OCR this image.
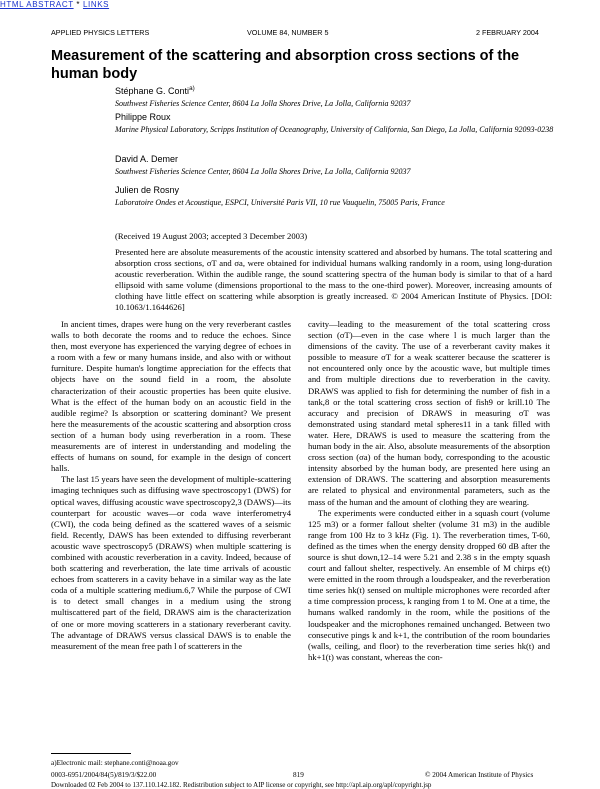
HTML ABSTRACT * LINKS
APPLIED PHYSICS LETTERS	VOLUME 84, NUMBER 5	2 FEBRUARY 2004
Measurement of the scattering and absorption cross sections of the human body
Stéphane G. Conti$^{a)}$
Southwest Fisheries Science Center, 8604 La Jolla Shores Drive, La Jolla, California 92037
Philippe Roux
Marine Physical Laboratory, Scripps Institution of Oceanography, University of California, San Diego, La Jolla, California 92093-0238
David A. Demer
Southwest Fisheries Science Center, 8604 La Jolla Shores Drive, La Jolla, California 92037
Julien de Rosny
Laboratoire Ondes et Acoustique, ESPCI, Université Paris VII, 10 rue Vauquelin, 75005 Paris, France
(Received 19 August 2003; accepted 3 December 2003)
Presented here are absolute measurements of the acoustic intensity scattered and absorbed by humans. The total scattering and absorption cross sections, σT and σa, were obtained for individual humans walking randomly in a room, using long-duration acoustic reverberation. Within the audible range, the sound scattering spectra of the human body is similar to that of a hard ellipsoid with same volume (dimensions proportional to the mass to the one-third power). Moreover, increasing amounts of clothing have little effect on scattering while absorption is greatly increased. © 2004 American Institute of Physics. [DOI: 10.1063/1.1644626]

In ancient times, drapes were hung on the very reverberant castles walls to both decorate the rooms and to reduce the echoes. Since then, most everyone has experienced the varying degree of echoes in a room with a few or many humans inside, and also with or without furniture. Despite human's longtime appreciation for the effects that objects have on the sound field in a room, the absolute characterization of their acoustic properties has been quite elusive. What is the effect of the human body on an acoustic field in the audible regime? Is absorption or scattering dominant? We present here the measurements of the acoustic scattering and absorption cross section of a human body using reverberation in a room. These measurements are of interest in understanding and modeling the effects of humans on sound, for example in the design of concert halls.

The last 15 years have seen the development of multiple-scattering imaging techniques such as diffusing wave spectroscopy1 (DWS) for optical waves, diffusing acoustic wave spectroscopy2,3 (DAWS)—its counterpart for acoustic waves—or coda wave interferometry4 (CWI), the coda being defined as the scattered waves of a seismic field. Recently, DAWS has been extended to diffusing reverberant acoustic wave spectroscopy5 (DRAWS) when multiple scattering is combined with acoustic reverberation in a cavity. Indeed, because of both scattering and reverberation, the late time arrivals of acoustic echoes from scatterers in a cavity behave in a similar way as the late coda of a multiple scattering medium.6,7 While the purpose of CWI is to detect small changes in a medium using the strong multiscattered part of the field, DRAWS aim is the characterization of one or more moving scatterers in a stationary reverberant cavity. The advantage of DRAWS versus classical DAWS is to enable the measurement of the mean free path l of scatterers in the

cavity—leading to the measurement of the total scattering cross section (σT)—even in the case where l is much larger than the dimensions of the cavity. The use of a reverberant cavity makes it possible to measure σT for a weak scatterer because the scatterer is not encountered only once by the acoustic wave, but multiple times and from multiple directions due to reverberation in the cavity. DRAWS was applied to fish for determining the number of fish in a tank,8 or the total scattering cross section of fish9 or krill.10 The accuracy and precision of DRAWS in measuring σT was demonstrated using standard metal spheres11 in a tank filled with water. Here, DRAWS is used to measure the scattering from the human body in the air. Also, absolute measurements of the absorption cross section (σa) of the human body, corresponding to the acoustic intensity absorbed by the human body, are presented here using an extension of DRAWS. The scattering and absorption measurements are related to physical and environmental parameters, such as the mass of the human and the amount of clothing they are wearing.

The experiments were conducted either in a squash court (volume 125 m3) or a former fallout shelter (volume 31 m3) in the audible range from 100 Hz to 3 kHz (Fig. 1). The reverberation times, T-60, defined as the times when the energy density dropped 60 dB after the source is shut down,12–14 were 5.21 and 2.38 s in the empty squash court and fallout shelter, respectively. An ensemble of M chirps e(t) were emitted in the room through a loudspeaker, and the reverberation time series hk(t) sensed on multiple microphones were recorded after a time compression process, k ranging from 1 to M. One at a time, the humans walked randomly in the room, while the positions of the loudspeaker and the microphones remained unchanged. Between two consecutive pings k and k+1, the contribution of the room boundaries (walls, ceiling, and floor) to the reverberation time series hk(t) and hk+1(t) was constant, whereas the con-

a)Electronic mail: stephane.conti@noaa.gov
0003-6951/2004/84(5)/819/3/$22.00	819	© 2004 American Institute of Physics
Downloaded 02 Feb 2004 to 137.110.142.182. Redistribution subject to AIP license or copyright, see http://apl.aip.org/apl/copyright.jsp
